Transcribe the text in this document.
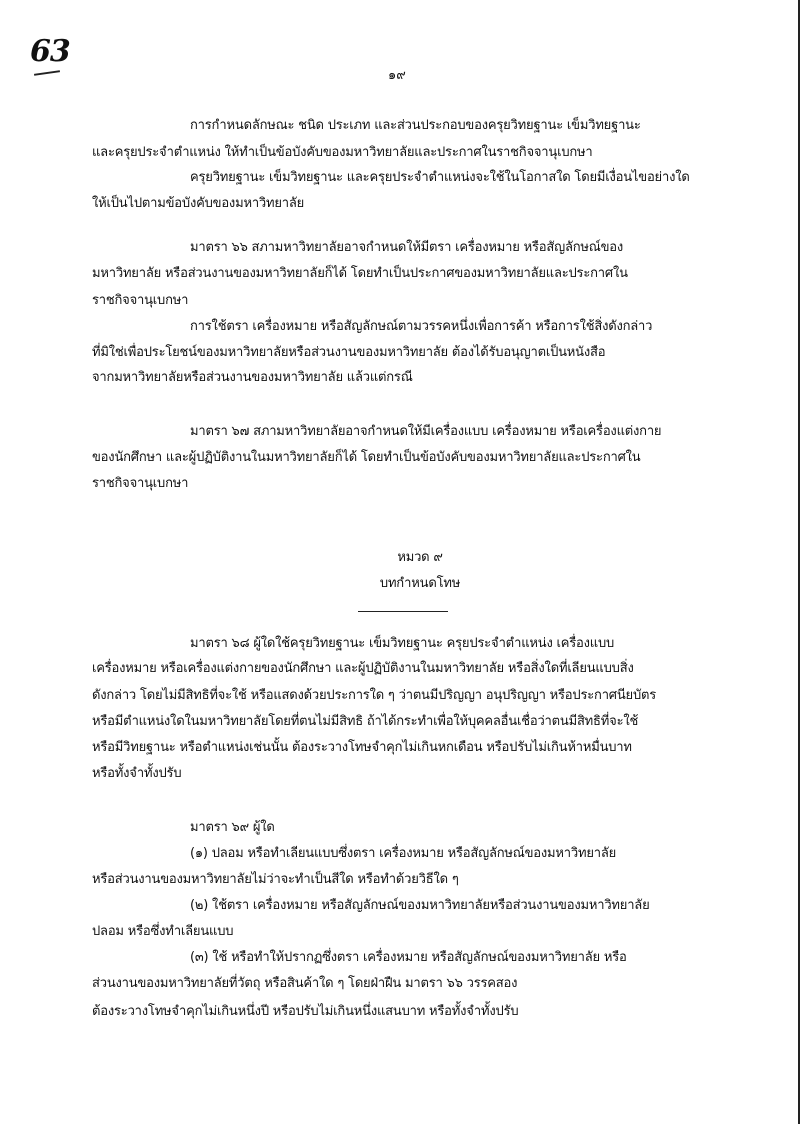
63
๑๙
การกำหนดลักษณะ ชนิด ประเภท และส่วนประกอบของครุยวิทยฐานะ เข็มวิทยฐานะ
และครุยประจำตำแหน่ง ให้ทำเป็นข้อบังคับของมหาวิทยาลัยและประกาศในราชกิจจานุเบกษา
ครุยวิทยฐานะ เข็มวิทยฐานะ และครุยประจำตำแหน่งจะใช้ในโอกาสใด โดยมีเงื่อนไขอย่างใด
ให้เป็นไปตามข้อบังคับของมหาวิทยาลัย
มาตรา ๖๖ สภามหาวิทยาลัยอาจกำหนดให้มีตรา เครื่องหมาย หรือสัญลักษณ์ของ
มหาวิทยาลัย หรือส่วนงานของมหาวิทยาลัยก็ได้ โดยทำเป็นประกาศของมหาวิทยาลัยและประกาศใน
ราชกิจจานุเบกษา
การใช้ตรา เครื่องหมาย หรือสัญลักษณ์ตามวรรคหนึ่งเพื่อการค้า หรือการใช้สิ่งดังกล่าว
ที่มิใช่เพื่อประโยชน์ของมหาวิทยาลัยหรือส่วนงานของมหาวิทยาลัย ต้องได้รับอนุญาตเป็นหนังสือ
จากมหาวิทยาลัยหรือส่วนงานของมหาวิทยาลัย แล้วแต่กรณี
มาตรา ๖๗ สภามหาวิทยาลัยอาจกำหนดให้มีเครื่องแบบ เครื่องหมาย หรือเครื่องแต่งกาย
ของนักศึกษา และผู้ปฏิบัติงานในมหาวิทยาลัยก็ได้ โดยทำเป็นข้อบังคับของมหาวิทยาลัยและประกาศใน
ราชกิจจานุเบกษา
หมวด ๙
บทกำหนดโทษ
มาตรา ๖๘ ผู้ใดใช้ครุยวิทยฐานะ เข็มวิทยฐานะ ครุยประจำตำแหน่ง เครื่องแบบ
เครื่องหมาย หรือเครื่องแต่งกายของนักศึกษา และผู้ปฏิบัติงานในมหาวิทยาลัย หรือสิ่งใดที่เลียนแบบสิ่ง
ดังกล่าว โดยไม่มีสิทธิที่จะใช้ หรือแสดงด้วยประการใด ๆ ว่าตนมีปริญญา อนุปริญญา หรือประกาศนียบัตร
หรือมีตำแหน่งใดในมหาวิทยาลัยโดยที่ตนไม่มีสิทธิ ถ้าได้กระทำเพื่อให้บุคคลอื่นเชื่อว่าตนมีสิทธิที่จะใช้
หรือมีวิทยฐานะ หรือตำแหน่งเช่นนั้น ต้องระวางโทษจำคุกไม่เกินหกเดือน หรือปรับไม่เกินห้าหมื่นบาท
หรือทั้งจำทั้งปรับ
มาตรา ๖๙ ผู้ใด
(๑) ปลอม หรือทำเลียนแบบซึ่งตรา เครื่องหมาย หรือสัญลักษณ์ของมหาวิทยาลัย
หรือส่วนงานของมหาวิทยาลัยไม่ว่าจะทำเป็นสีใด หรือทำด้วยวิธีใด ๆ
(๒) ใช้ตรา เครื่องหมาย หรือสัญลักษณ์ของมหาวิทยาลัยหรือส่วนงานของมหาวิทยาลัย
ปลอม หรือซึ่งทำเลียนแบบ
(๓) ใช้ หรือทำให้ปรากฏซึ่งตรา เครื่องหมาย หรือสัญลักษณ์ของมหาวิทยาลัย หรือ
ส่วนงานของมหาวิทยาลัยที่วัตถุ หรือสินค้าใด ๆ โดยฝ่าฝืน มาตรา ๖๖ วรรคสอง
ต้องระวางโทษจำคุกไม่เกินหนึ่งปี หรือปรับไม่เกินหนึ่งแสนบาท หรือทั้งจำทั้งปรับ
